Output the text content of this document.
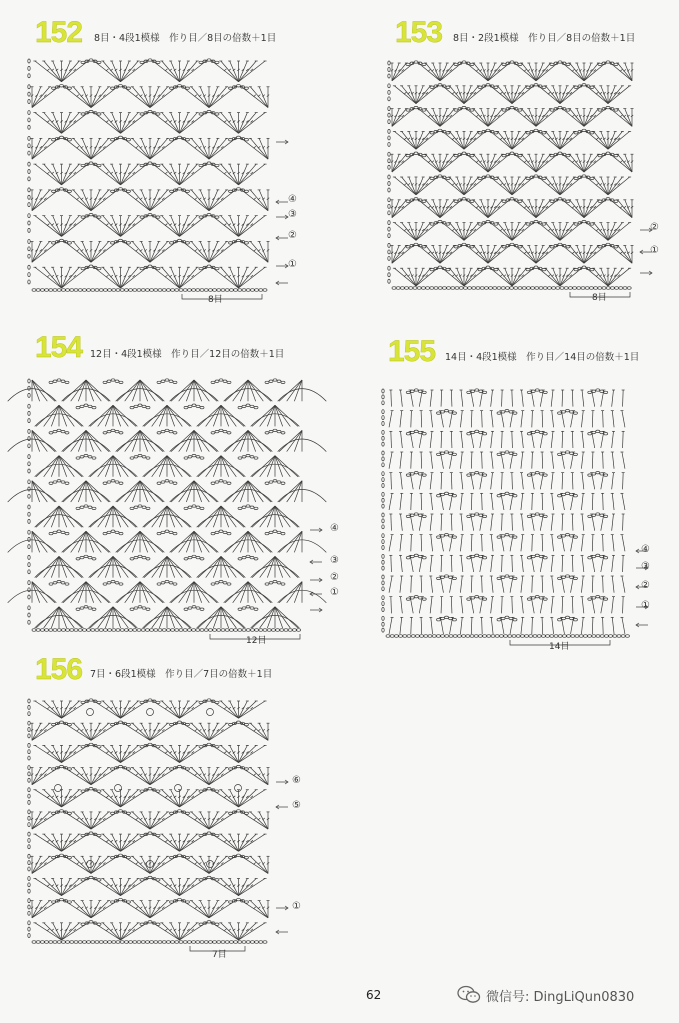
152 8目・4段1模様　作り目／8目の倍数＋1目
④
③
②
①
8目
153 8目・2段1模様　作り目／8目の倍数＋1目
②
①
8目
154 12目・4段1模様　作り目／12目の倍数＋1目
④
③
②
①
12目
155 14目・4段1模様　作り目／14目の倍数＋1目
④
③
②
①
14目
156 7目・6段1模様　作り目／7目の倍数＋1目
⑥
⑤
①
7目
62	微信号: DingLiQun0830
